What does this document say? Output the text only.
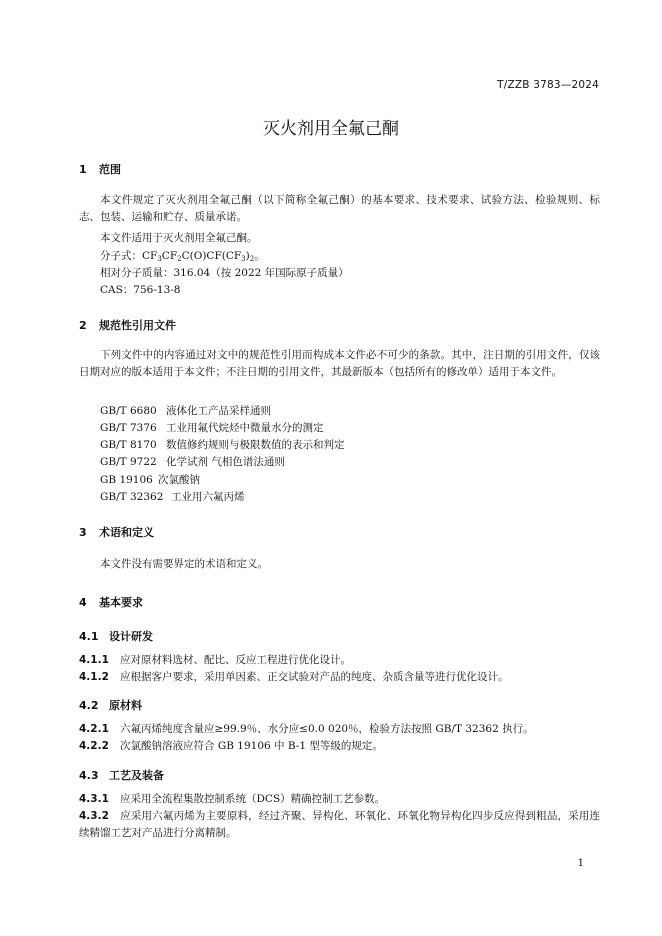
T/ZZB 3783—2024
灭火剂用全氟己酮
1 范围
本文件规定了灭火剂用全氟己酮（以下简称全氟己酮）的基本要求、技术要求、试验方法、检验规则、标志、包装、运输和贮存、质量承诺。
本文件适用于灭火剂用全氟己酮。
分子式：$CF_3CF_2C(O)CF(CF_3)_2$。
相对分子质量：316.04（按 2022 年国际原子质量）
CAS：756-13-8
2 规范性引用文件
下列文件中的内容通过对文中的规范性引用而构成本文件必不可少的条款。其中，注日期的引用文件，仅该日期对应的版本适用于本文件；不注日期的引用文件，其最新版本（包括所有的修改单）适用于本文件。
GB/T 6680 液体化工产品采样通则
GB/T 7376 工业用氟代烷烃中微量水分的测定
GB/T 8170 数值修约规则与极限数值的表示和判定
GB/T 9722 化学试剂 气相色谱法通则
GB 19106 次氯酸钠
GB/T 32362 工业用六氟丙烯
3 术语和定义
本文件没有需要界定的术语和定义。
4 基本要求
4.1 设计研发
4.1.1 应对原材料选材、配比、反应工程进行优化设计。
4.1.2 应根据客户要求，采用单因素、正交试验对产品的纯度、杂质含量等进行优化设计。
4.2 原材料
4.2.1 六氟丙烯纯度含量应≥99.9％、水分应≤0.0 020％，检验方法按照 GB/T 32362 执行。
4.2.2 次氯酸钠溶液应符合 GB 19106 中 B-1 型等级的规定。
4.3 工艺及装备
4.3.1 应采用全流程集散控制系统（DCS）精确控制工艺参数。
4.3.2 应采用六氟丙烯为主要原料，经过齐聚、异构化、环氧化、环氧化物异构化四步反应得到粗品，采用连续精馏工艺对产品进行分离精制。
1
